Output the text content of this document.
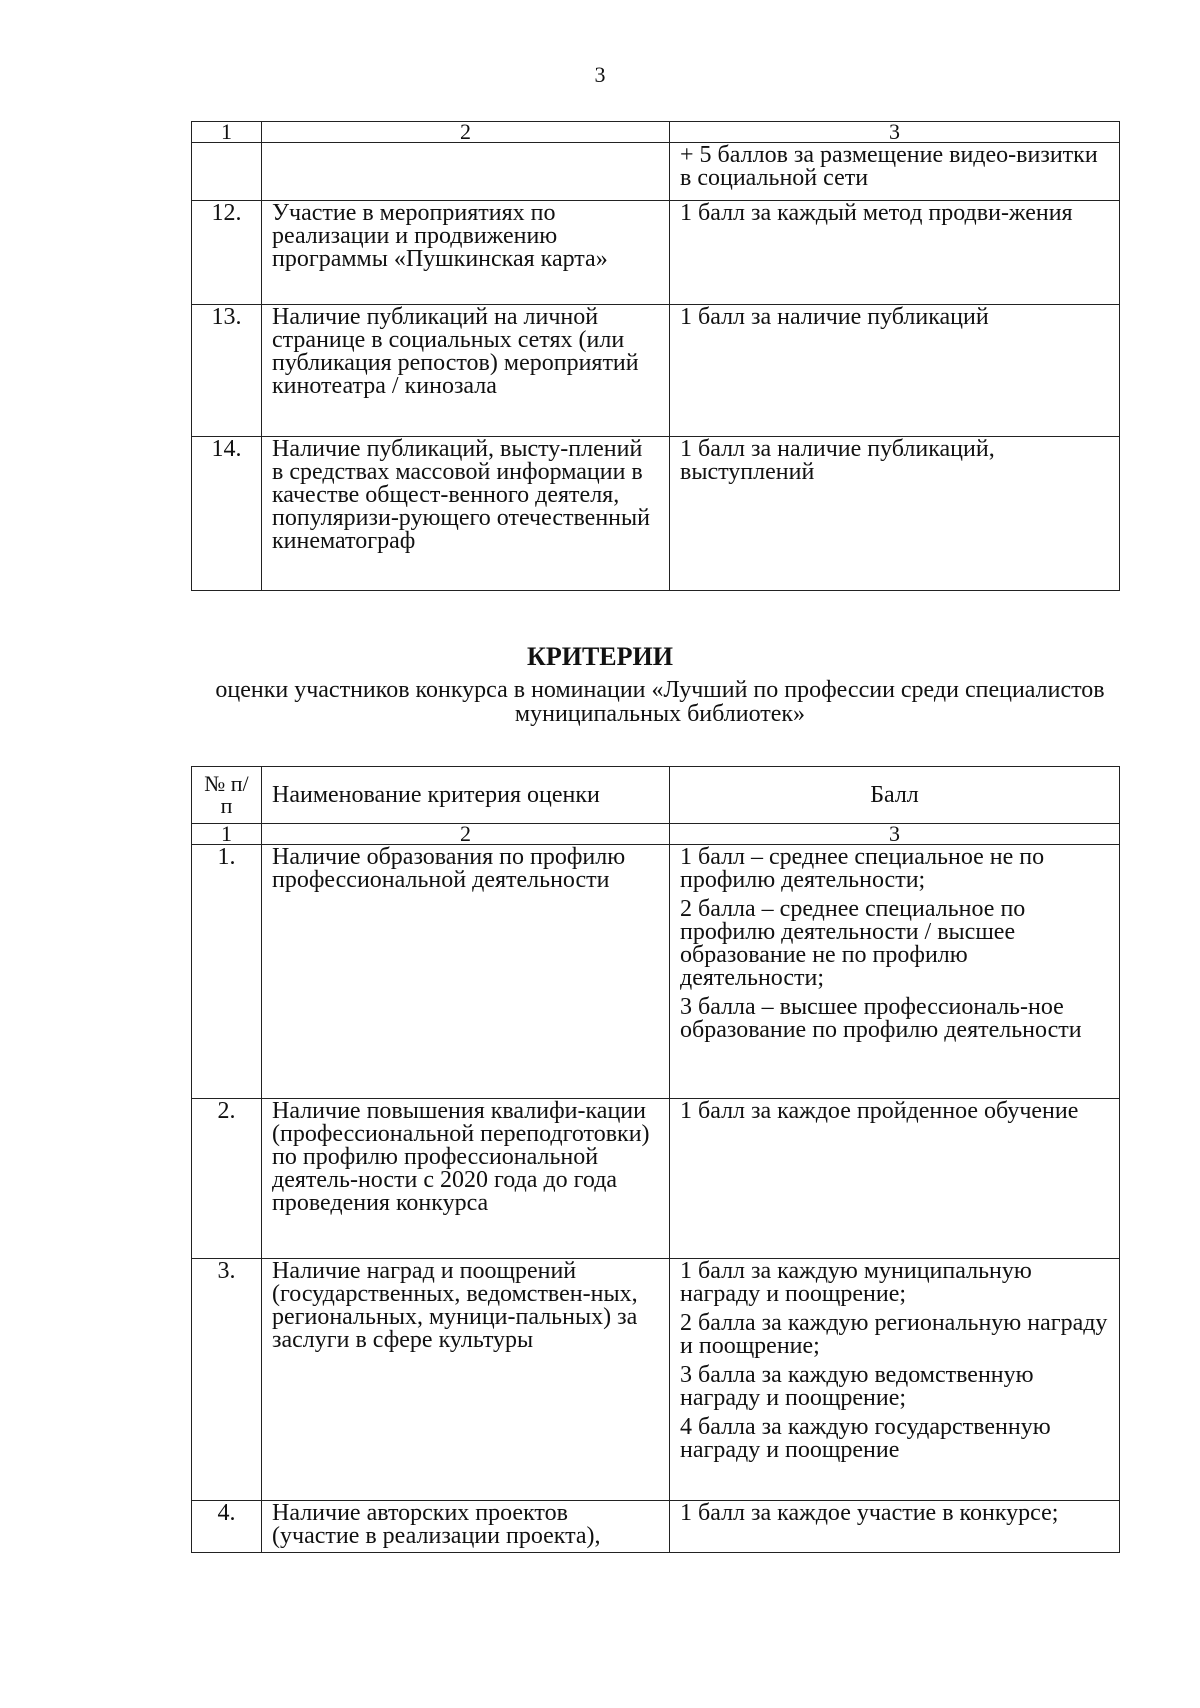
3
1	2	3

		+ 5 баллов за размещение видео-визитки в социальной сети

12.	Участие в мероприятиях по реализации и продвижению программы «Пушкинская карта»	1 балл за каждый метод продви-жения

13.	Наличие публикаций на личной странице в социальных сетях (или публикация репостов) мероприятий кинотеатра / кинозала	1 балл за наличие публикаций

14.	Наличие публикаций, высту-плений в средствах массовой информации в качестве общест-венного деятеля, популяризи-рующего отечественный кинематограф	1 балл за наличие публикаций, выступлений

КРИТЕРИИ
оценки участников конкурса в номинации «Лучший по профессии среди специалистов муниципальных библиотек»
№ п/п	Наименование критерия оценки	Балл
1	2	3
1.	Наличие образования по профилю профессиональной деятельности	1 балл – среднее специальное не по профилю деятельности;

2 балла – среднее специальное по профилю деятельности / высшее образование не по профилю деятельности;

3 балла – высшее профессиональ-ное образование по профилю деятельности

2.	Наличие повышения квалифи-кации (профессиональной переподготовки) по профилю профессиональной деятель-ности с 2020 года до года проведения конкурса	1 балл за каждое пройденное обучение

3.	Наличие наград и поощрений (государственных, ведомствен-ных, региональных, муници-пальных) за заслуги в сфере культуры	1 балл за каждую муниципальную награду и поощрение;

2 балла за каждую региональную награду и поощрение;

3 балла за каждую ведомственную награду и поощрение;

4 балла за каждую государственную награду и поощрение

4.	Наличие авторских проектов (участие в реализации проекта),	1 балл за каждое участие в конкурсе;
